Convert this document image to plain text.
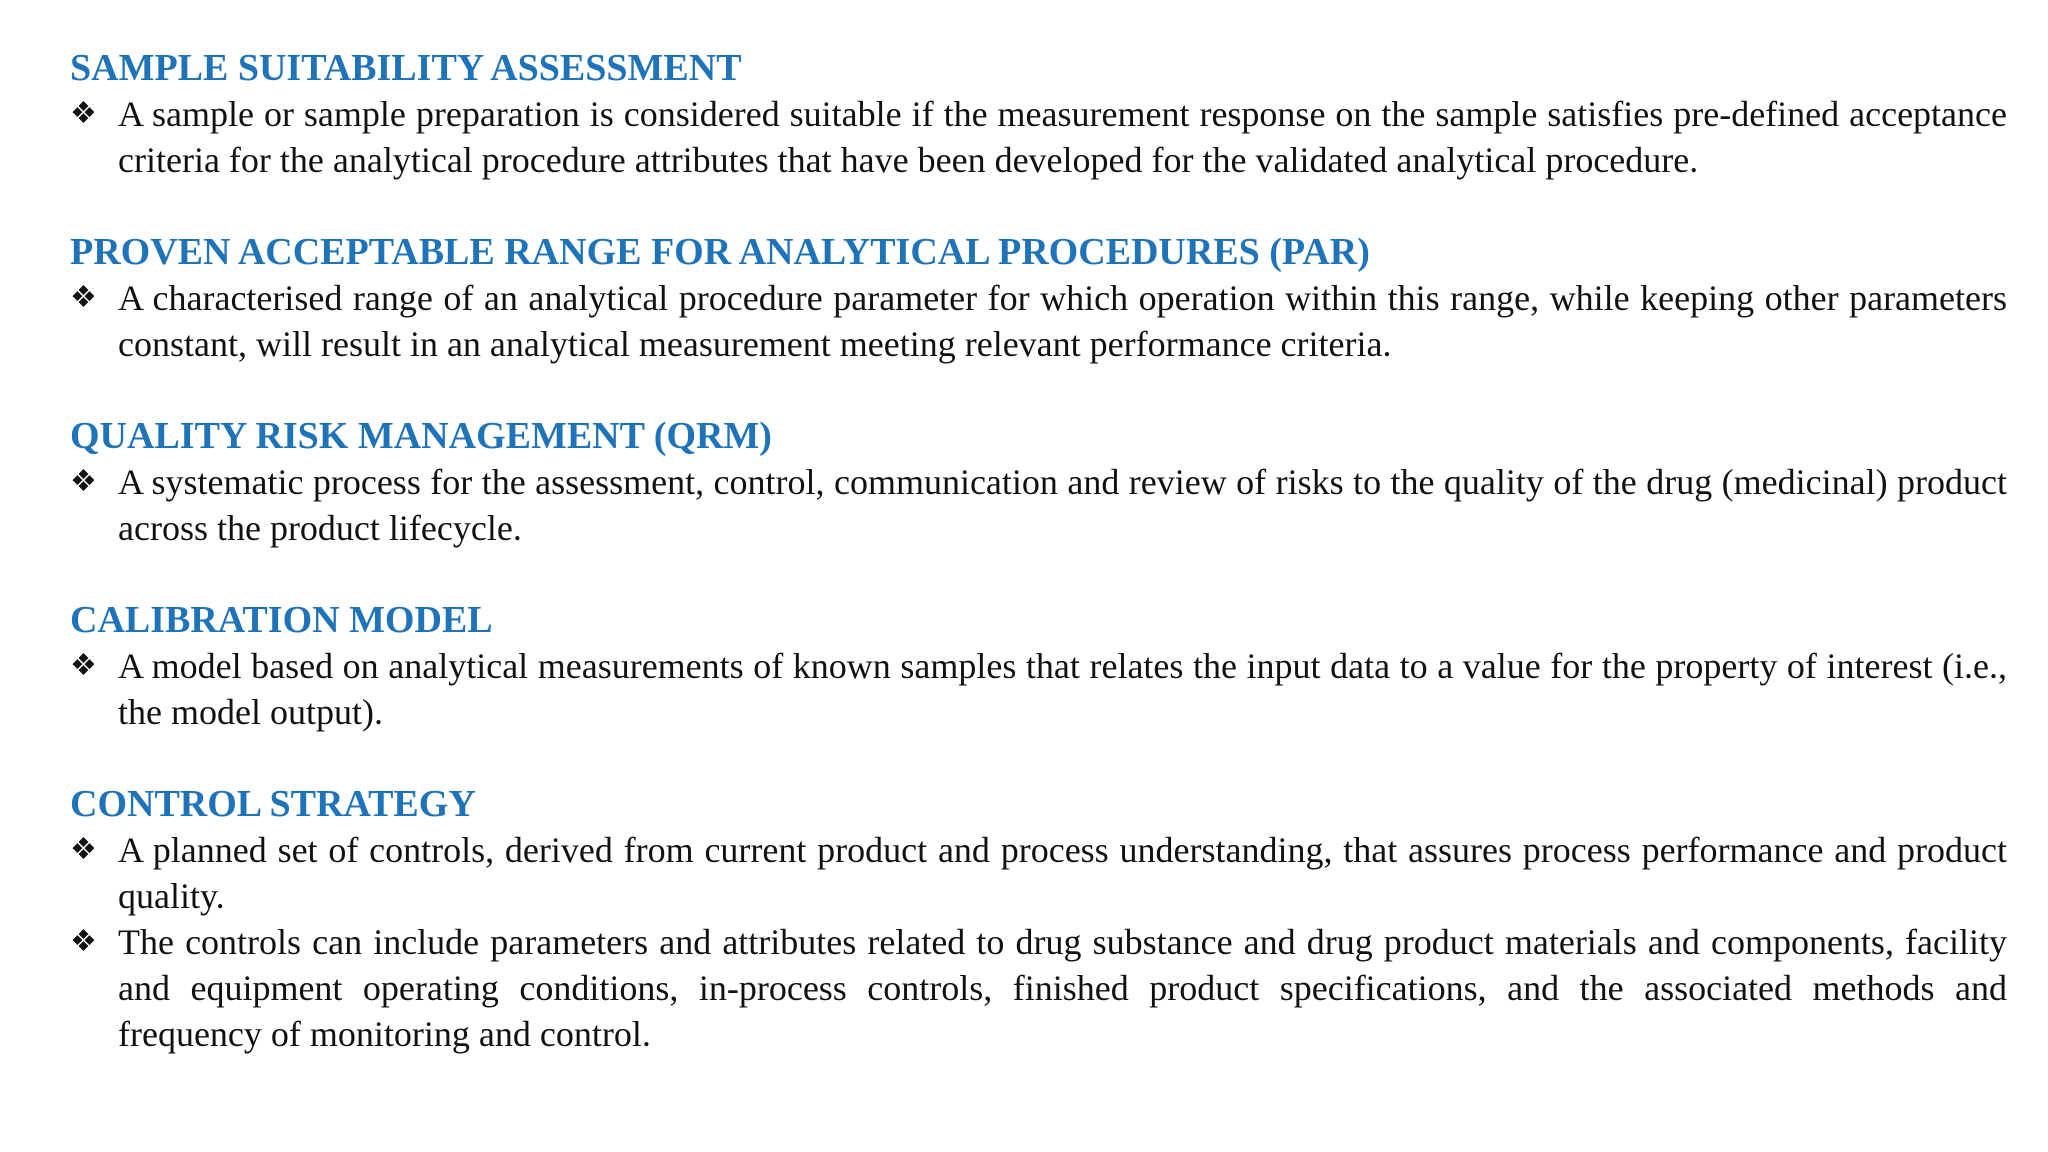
SAMPLE SUITABILITY ASSESSMENT

❖ A sample or sample preparation is considered suitable if the measurement response on the sample satisfies pre-defined acceptance criteria for the analytical procedure attributes that have been developed for the validated analytical procedure.

PROVEN ACCEPTABLE RANGE FOR ANALYTICAL PROCEDURES (PAR)

❖ A characterised range of an analytical procedure parameter for which operation within this range, while keeping other parameters constant, will result in an analytical measurement meeting relevant performance criteria.

QUALITY RISK MANAGEMENT (QRM)

❖ A systematic process for the assessment, control, communication and review of risks to the quality of the drug (medicinal) product across the product lifecycle.

CALIBRATION MODEL

❖ A model based on analytical measurements of known samples that relates the input data to a value for the property of interest (i.e., the model output).

CONTROL STRATEGY

❖ A planned set of controls, derived from current product and process understanding, that assures process performance and product quality.

❖ The controls can include parameters and attributes related to drug substance and drug product materials and components, facility and equipment operating conditions, in-process controls, finished product specifications, and the associated methods and frequency of monitoring and control.
